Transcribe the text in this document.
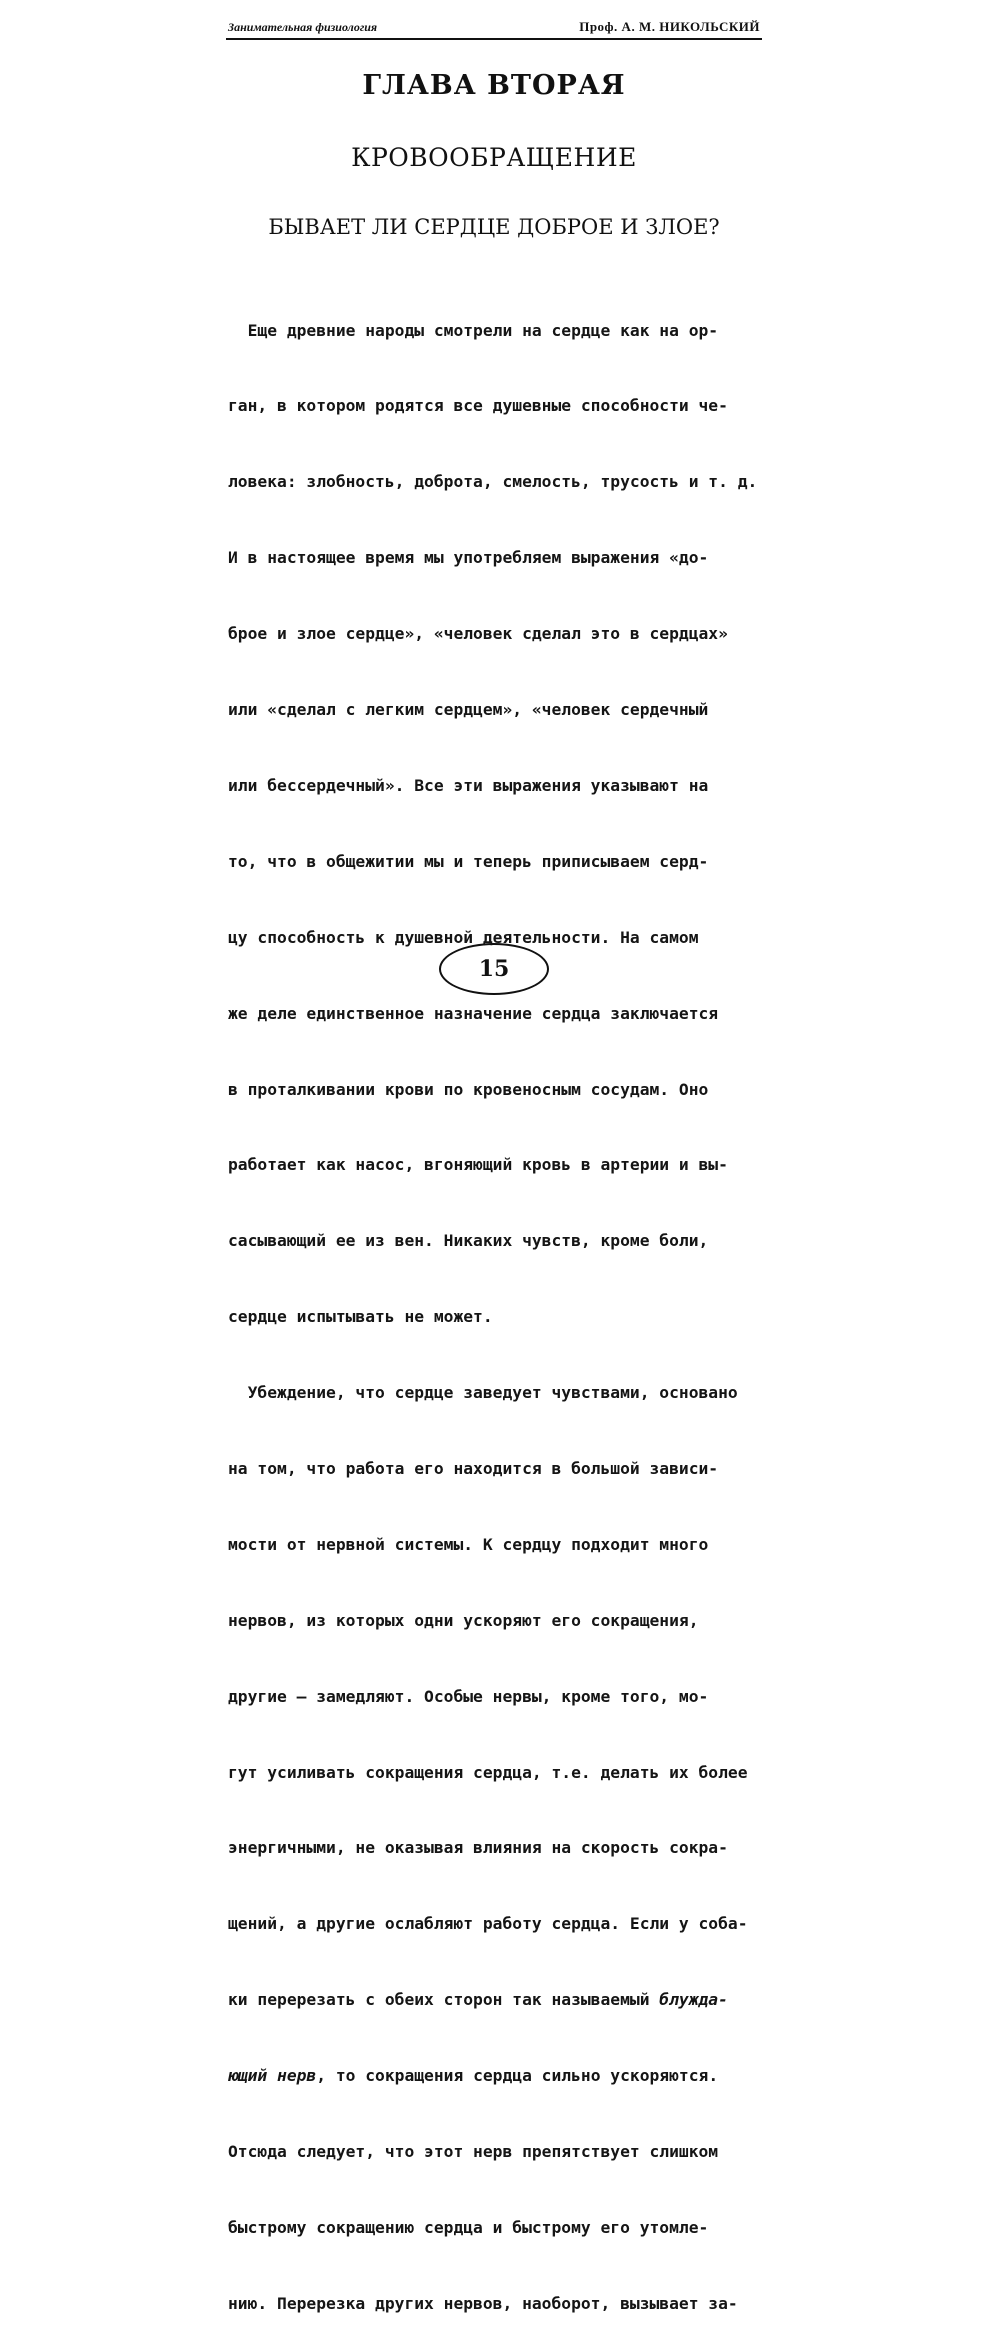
Занимательная физиология	Проф. А. М. НИКОЛЬСКИЙ
ГЛАВА ВТОРАЯ
КРОВООБРАЩЕНИЕ
БЫВАЕТ ЛИ СЕРДЦЕ ДОБРОЕ И ЗЛОЕ?

Еще древние народы смотрели на сердце как на ор-

ган, в котором родятся все душевные способности че-

ловека: злобность, доброта, смелость, трусость и т. д.

И в настоящее время мы употребляем выражения «до-

брое и злое сердце», «человек сделал это в сердцах»

или «сделал с легким сердцем», «человек сердечный

или бессердечный». Все эти выражения указывают на

то, что в общежитии мы и теперь приписываем серд-

цу способность к душевной деятельности. На самом

же деле единственное назначение сердца заключается

в проталкивании крови по кровеносным сосудам. Оно

работает как насос, вгоняющий кровь в артерии и вы-

сасывающий ее из вен. Никаких чувств, кроме боли,

сердце испытывать не может.

Убеждение, что сердце заведует чувствами, основано

на том, что работа его находится в большой зависи-

мости от нервной системы. К сердцу подходит много

нервов, из которых одни ускоряют его сокращения,

другие — замедляют. Особые нервы, кроме того, мо-

гут усиливать сокращения сердца, т.е. делать их более

энергичными, не оказывая влияния на скорость сокра-

щений, а другие ослабляют работу сердца. Если у соба-

ки перерезать с обеих сторон так называемый блужда-

ющий нерв, то сокращения сердца сильно ускоряются.

Отсюда следует, что этот нерв препятствует слишком

быстрому сокращению сердца и быстрому его утомле-

нию. Перерезка других нервов, наоборот, вызывает за-

15
